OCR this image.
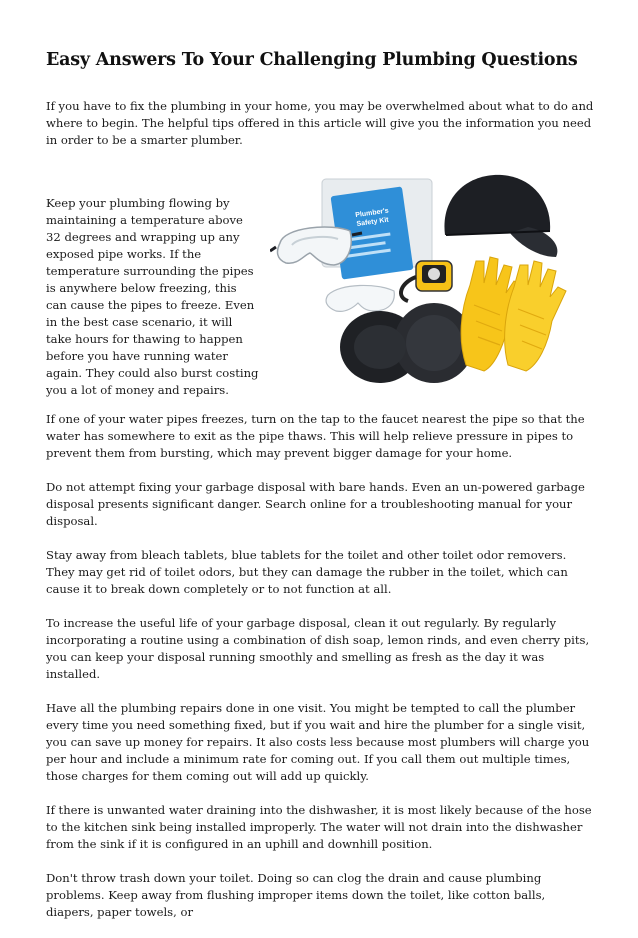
Easy Answers To Your Challenging Plumbing Questions

If you have to fix the plumbing in your home, you may be overwhelmed about what to do and where to begin. The helpful tips offered in this article will give you the information you need in order to be a smarter plumber.

Keep your plumbing flowing by maintaining a temperature above 32 degrees and wrapping up any exposed pipe works. If the temperature surrounding the pipes is anywhere below freezing, this can cause the pipes to freeze. Even in the best case scenario, it will take hours for thawing to happen before you have running water again. They could also burst costing you a lot of money and repairs.

Plumber's
Safety Kit

If one of your water pipes freezes, turn on the tap to the faucet nearest the pipe so that the water has somewhere to exit as the pipe thaws. This will help relieve pressure in pipes to prevent them from bursting, which may prevent bigger damage for your home.

Do not attempt fixing your garbage disposal with bare hands. Even an un-powered garbage disposal presents significant danger. Search online for a troubleshooting manual for your disposal.

Stay away from bleach tablets, blue tablets for the toilet and other toilet odor removers. They may get rid of toilet odors, but they can damage the rubber in the toilet, which can cause it to break down completely or to not function at all.

To increase the useful life of your garbage disposal, clean it out regularly. By regularly incorporating a routine using a combination of dish soap, lemon rinds, and even cherry pits, you can keep your disposal running smoothly and smelling as fresh as the day it was installed.

Have all the plumbing repairs done in one visit. You might be tempted to call the plumber every time you need something fixed, but if you wait and hire the plumber for a single visit, you can save up money for repairs. It also costs less because most plumbers will charge you per hour and include a minimum rate for coming out. If you call them out multiple times, those charges for them coming out will add up quickly.

If there is unwanted water draining into the dishwasher, it is most likely because of the hose to the kitchen sink being installed improperly. The water will not drain into the dishwasher from the sink if it is configured in an uphill and downhill position.

Don't throw trash down your toilet. Doing so can clog the drain and cause plumbing problems. Keep away from flushing improper items down the toilet, like cotton balls, diapers, paper towels, or
